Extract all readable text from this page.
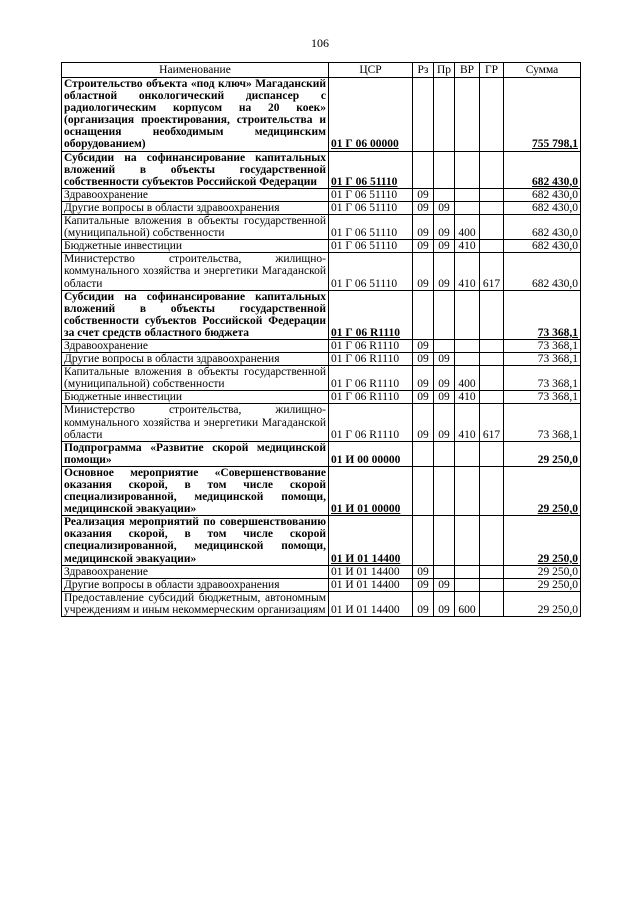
106
Наименование	ЦСР	Рз	Пр	ВР	ГР	Сумма
Строительство объекта «под ключ» Магаданский областной онкологический диспансер с радиологическим корпусом на 20 коек» (организация проектирования, строительства и оснащения необходимым медицинским оборудованием)	01 Г 06 00000					755 798,1
Субсидии на софинансирование капитальных вложений в объекты государственной собственности субъектов Российской Федерации	01 Г 06 51110					682 430,0
Здравоохранение	01 Г 06 51110	09				682 430,0
Другие вопросы в области здравоохранения	01 Г 06 51110	09	09			682 430,0
Капитальные вложения в объекты государственной (муниципальной) собственности	01 Г 06 51110	09	09	400		682 430,0
Бюджетные инвестиции	01 Г 06 51110	09	09	410		682 430,0
Министерство строительства, жилищно-коммунального хозяйства и энергетики Магаданской области	01 Г 06 51110	09	09	410	617	682 430,0
Субсидии на софинансирование капитальных вложений в объекты государственной собственности субъектов Российской Федерации за счет средств областного бюджета	01 Г 06 R1110					73 368,1
Здравоохранение	01 Г 06 R1110	09				73 368,1
Другие вопросы в области здравоохранения	01 Г 06 R1110	09	09			73 368,1
Капитальные вложения в объекты государственной (муниципальной) собственности	01 Г 06 R1110	09	09	400		73 368,1
Бюджетные инвестиции	01 Г 06 R1110	09	09	410		73 368,1
Министерство строительства, жилищно-коммунального хозяйства и энергетики Магаданской области	01 Г 06 R1110	09	09	410	617	73 368,1
Подпрограмма «Развитие скорой медицинской помощи»	01 И 00 00000					29 250,0
Основное мероприятие «Совершенствование оказания скорой, в том числе скорой специализированной, медицинской помощи, медицинской эвакуации»	01 И 01 00000					29 250,0
Реализация мероприятий по совершенствованию оказания скорой, в том числе скорой специализированной, медицинской помощи, медицинской эвакуации»	01 И 01 14400					29 250,0
Здравоохранение	01 И 01 14400	09				29 250,0
Другие вопросы в области здравоохранения	01 И 01 14400	09	09			29 250,0
Предоставление субсидий бюджетным, автономным учреждениям и иным некоммерческим организациям	01 И 01 14400	09	09	600		29 250,0
